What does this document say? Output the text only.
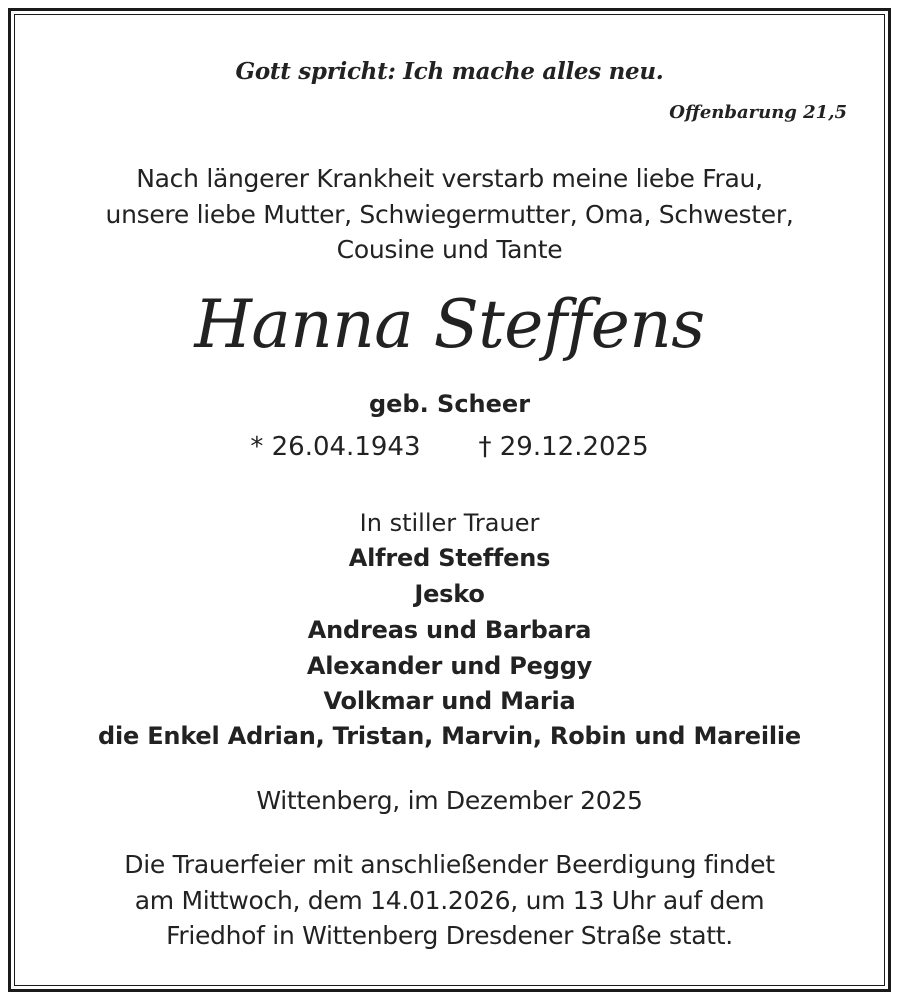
Gott spricht: Ich mache alles neu.
Offenbarung 21,5
Nach längerer Krankheit verstarb meine liebe Frau,
unsere liebe Mutter, Schwiegermutter, Oma, Schwester,
Cousine und Tante
Hanna Steffens
geb. Scheer
* 26.04.1943 † 29.12.2025
In stiller Trauer
Alfred Steffens
Jesko
Andreas und Barbara
Alexander und Peggy
Volkmar und Maria
die Enkel Adrian, Tristan, Marvin, Robin und Mareilie
Wittenberg, im Dezember 2025
Die Trauerfeier mit anschließender Beerdigung findet
am Mittwoch, dem 14.01.2026, um 13 Uhr auf dem
Friedhof in Wittenberg Dresdener Straße statt.
